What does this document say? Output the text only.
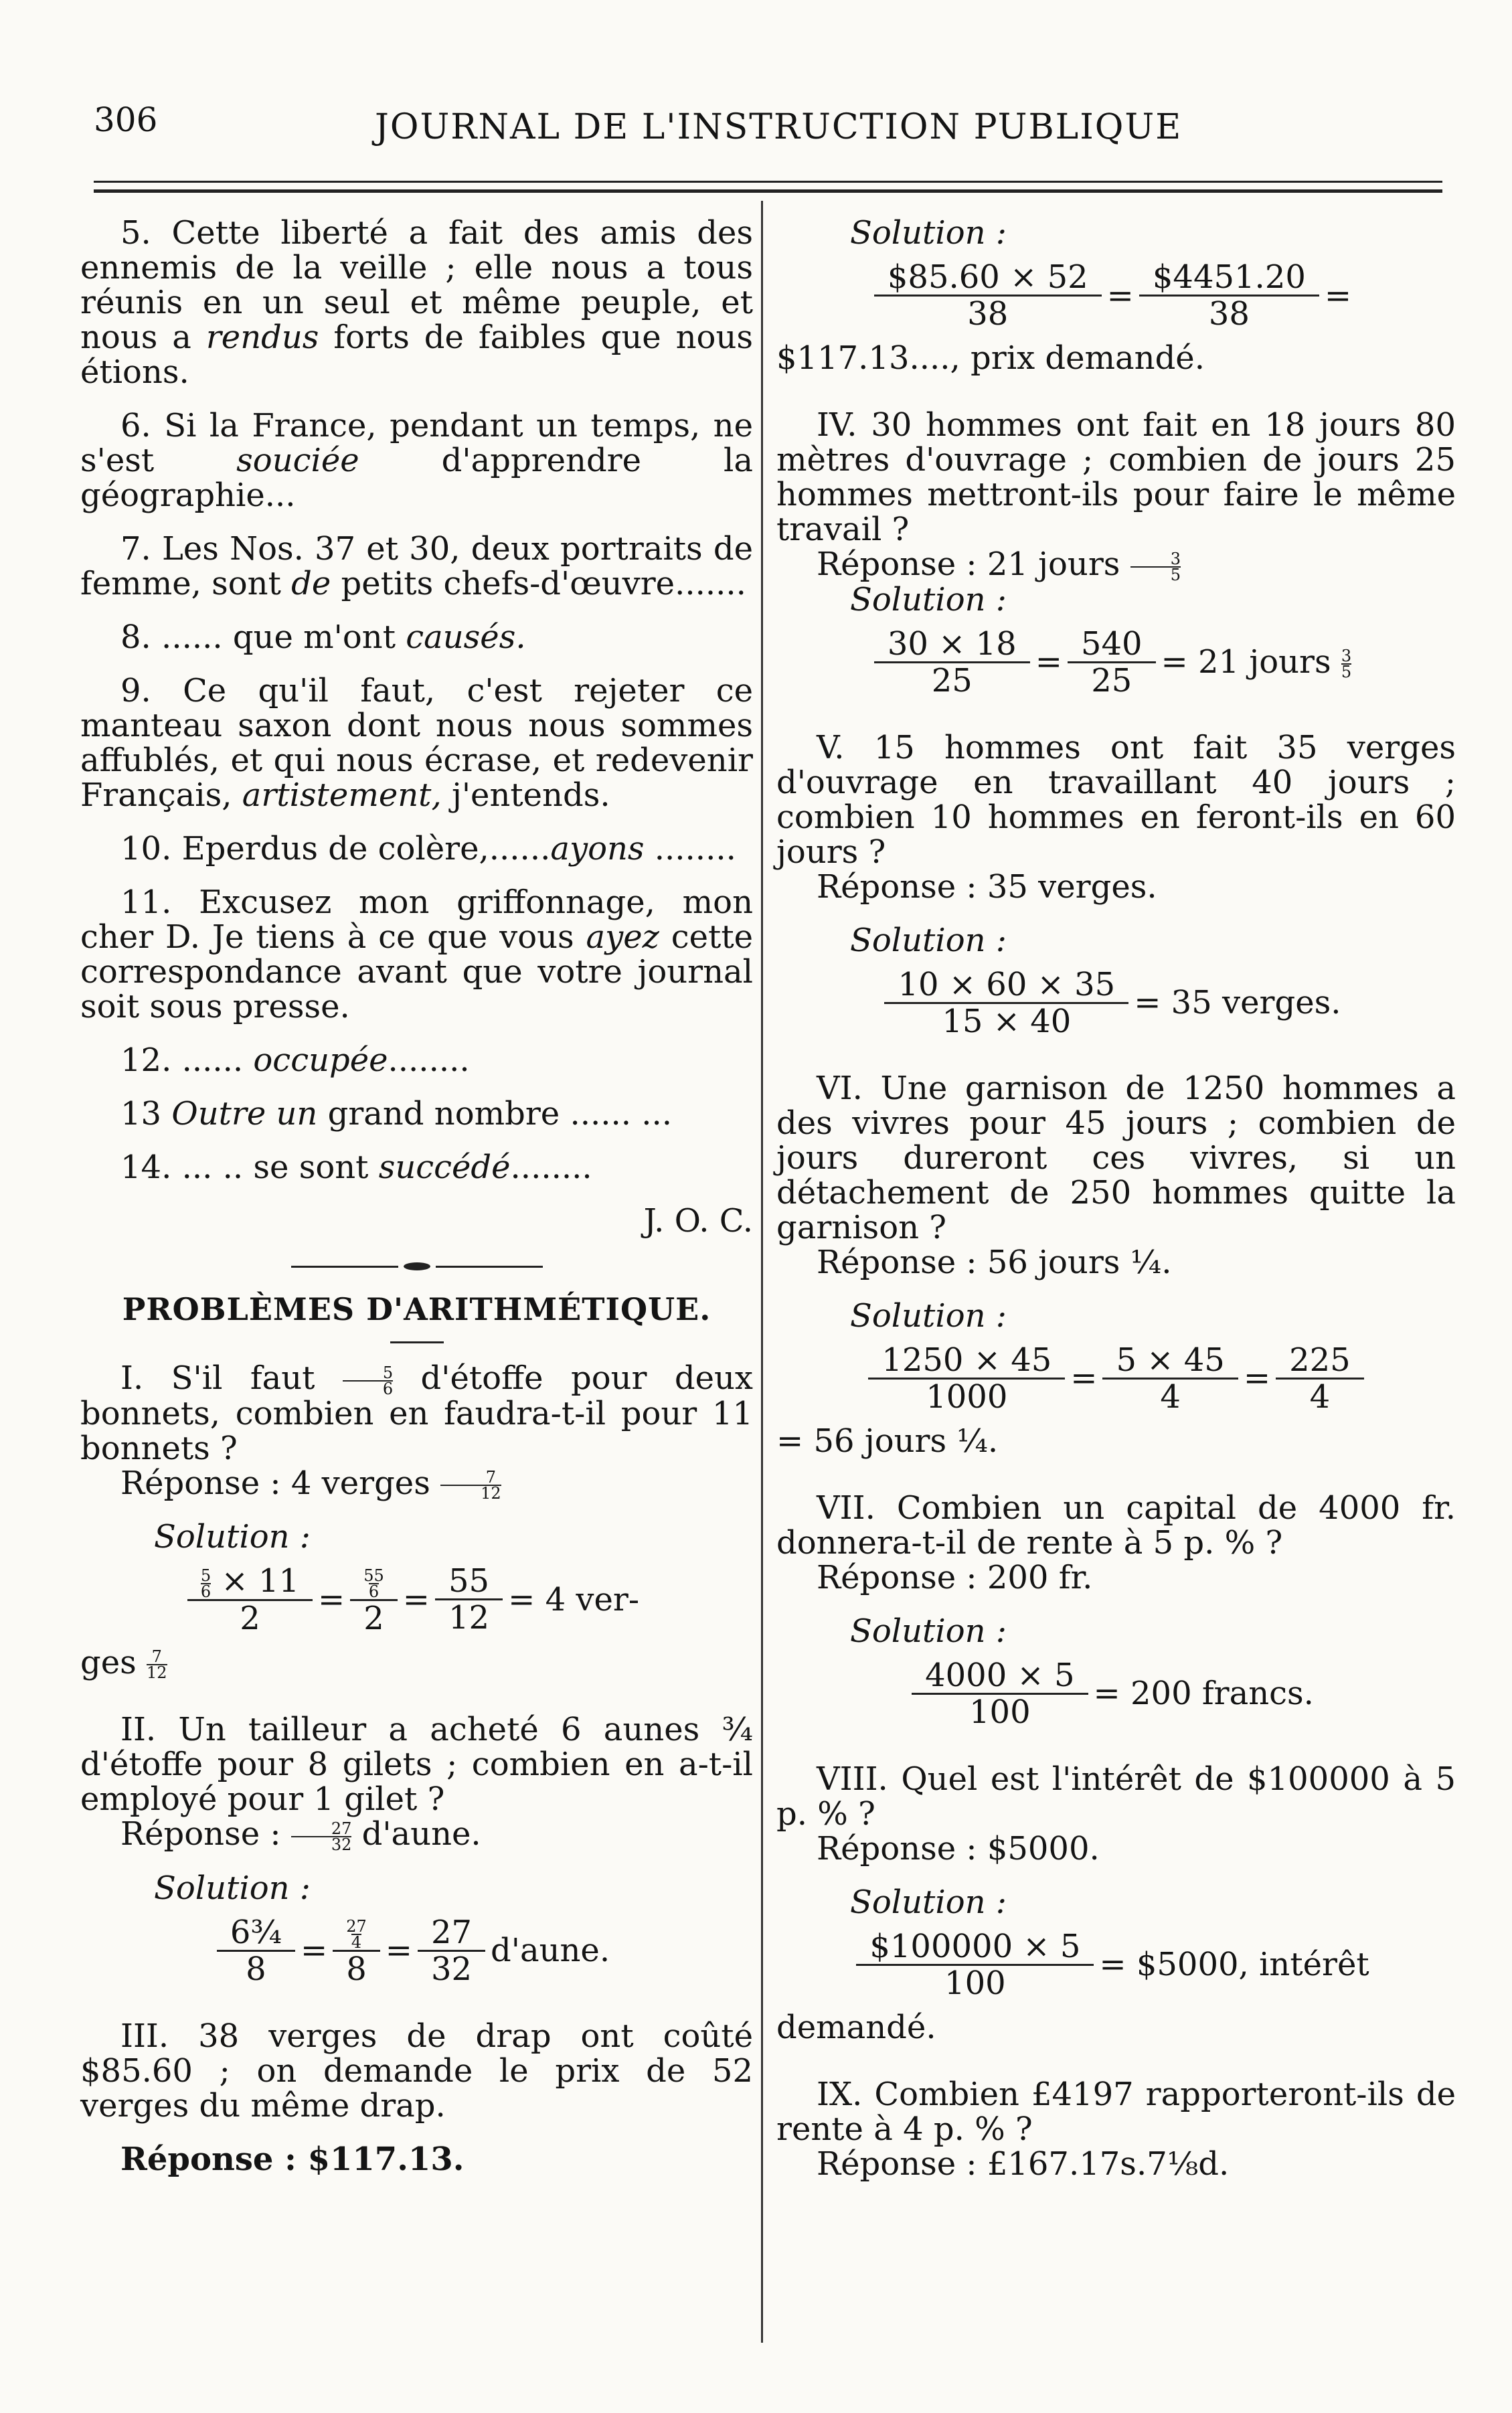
306	JOURNAL DE L'INSTRUCTION PUBLIQUE

5. Cette liberté a fait des amis des ennemis de la veille ; elle nous a tous réunis en un seul et même peuple, et nous a rendus forts de faibles que nous étions.

6. Si la France, pendant un temps, ne s'est souciée d'apprendre la géographie...

7. Les Nos. 37 et 30, deux portraits de femme, sont de petits chefs-d'œuvre.......

8. ...... que m'ont causés.

9. Ce qu'il faut, c'est rejeter ce manteau saxon dont nous nous sommes affublés, et qui nous écrase, et redevenir Français, artistement, j'entends.

10. Eperdus de colère,......ayons ........

11. Excusez mon griffonnage, mon cher D. Je tiens à ce que vous ayez cette correspondance avant que votre journal soit sous presse.

12. ...... occupée........

13 Outre un grand nombre ...... ...

14. ... .. se sont succédé........

J. O. C.

PROBLÈMES D'ARITHMÉTIQUE.

I. S'il faut $\frac{5}{6}$ d'étoffe pour deux bonnets, combien en faudra-t-il pour 11 bonnets ?

Réponse : 4 verges $\frac{7}{12}$

Solution :

$\frac{\frac{5}{6} \times 11}{2} = \frac{\frac{55}{6}}{2} = \frac{55}{12} = 4$ ver-

ges $\frac{7}{12}$

II. Un tailleur a acheté 6 aunes ¾ d'étoffe pour 8 gilets ; combien en a-t-il employé pour 1 gilet ?

Réponse : $\frac{27}{32}$ d'aune.

Solution :

$\frac{\text{6¾}}{8} = \frac{\frac{27}{4}}{8} = \frac{27}{32}$ d'aune.

III. 38 verges de drap ont coûté $85.60 ; on demande le prix de 52 verges du même drap.

Réponse : $117.13.

Solution :

$\frac{\$85.60 \times 52}{38} = \frac{\$4451.20}{38}$ =

$117.13...., prix demandé.

IV. 30 hommes ont fait en 18 jours 80 mètres d'ouvrage ; combien de jours 25 hommes mettront-ils pour faire le même travail ?

Réponse : 21 jours $\frac{3}{5}$

Solution :

$\frac{30 \times 18}{25} = \frac{540}{25} = 21$ jours $\frac{3}{5}$

V. 15 hommes ont fait 35 verges d'ouvrage en travaillant 40 jours ; combien 10 hommes en feront-ils en 60 jours ?

Réponse : 35 verges.

Solution :

$\frac{10 \times 60 \times 35}{15 \times 40} = 35$ verges.

VI. Une garnison de 1250 hommes a des vivres pour 45 jours ; combien de jours dureront ces vivres, si un détachement de 250 hommes quitte la garnison ?

Réponse : 56 jours ¼.

Solution :

$\frac{1250 \times 45}{1000} = \frac{5 \times 45}{4} = \frac{225}{4}$

= 56 jours ¼.

VII. Combien un capital de 4000 fr. donnera-t-il de rente à 5 p. % ?

Réponse : 200 fr.

Solution :

$\frac{4000 \times 5}{100} = 200$ francs.

VIII. Quel est l'intérêt de $100000 à 5 p. % ?

Réponse : $5000.

Solution :

$\frac{\$100000 \times 5}{100}$ = $5000, intérêt

demandé.

IX. Combien £4197 rapporteront-ils de rente à 4 p. % ?

Réponse : £167.17s.7⅛d.
